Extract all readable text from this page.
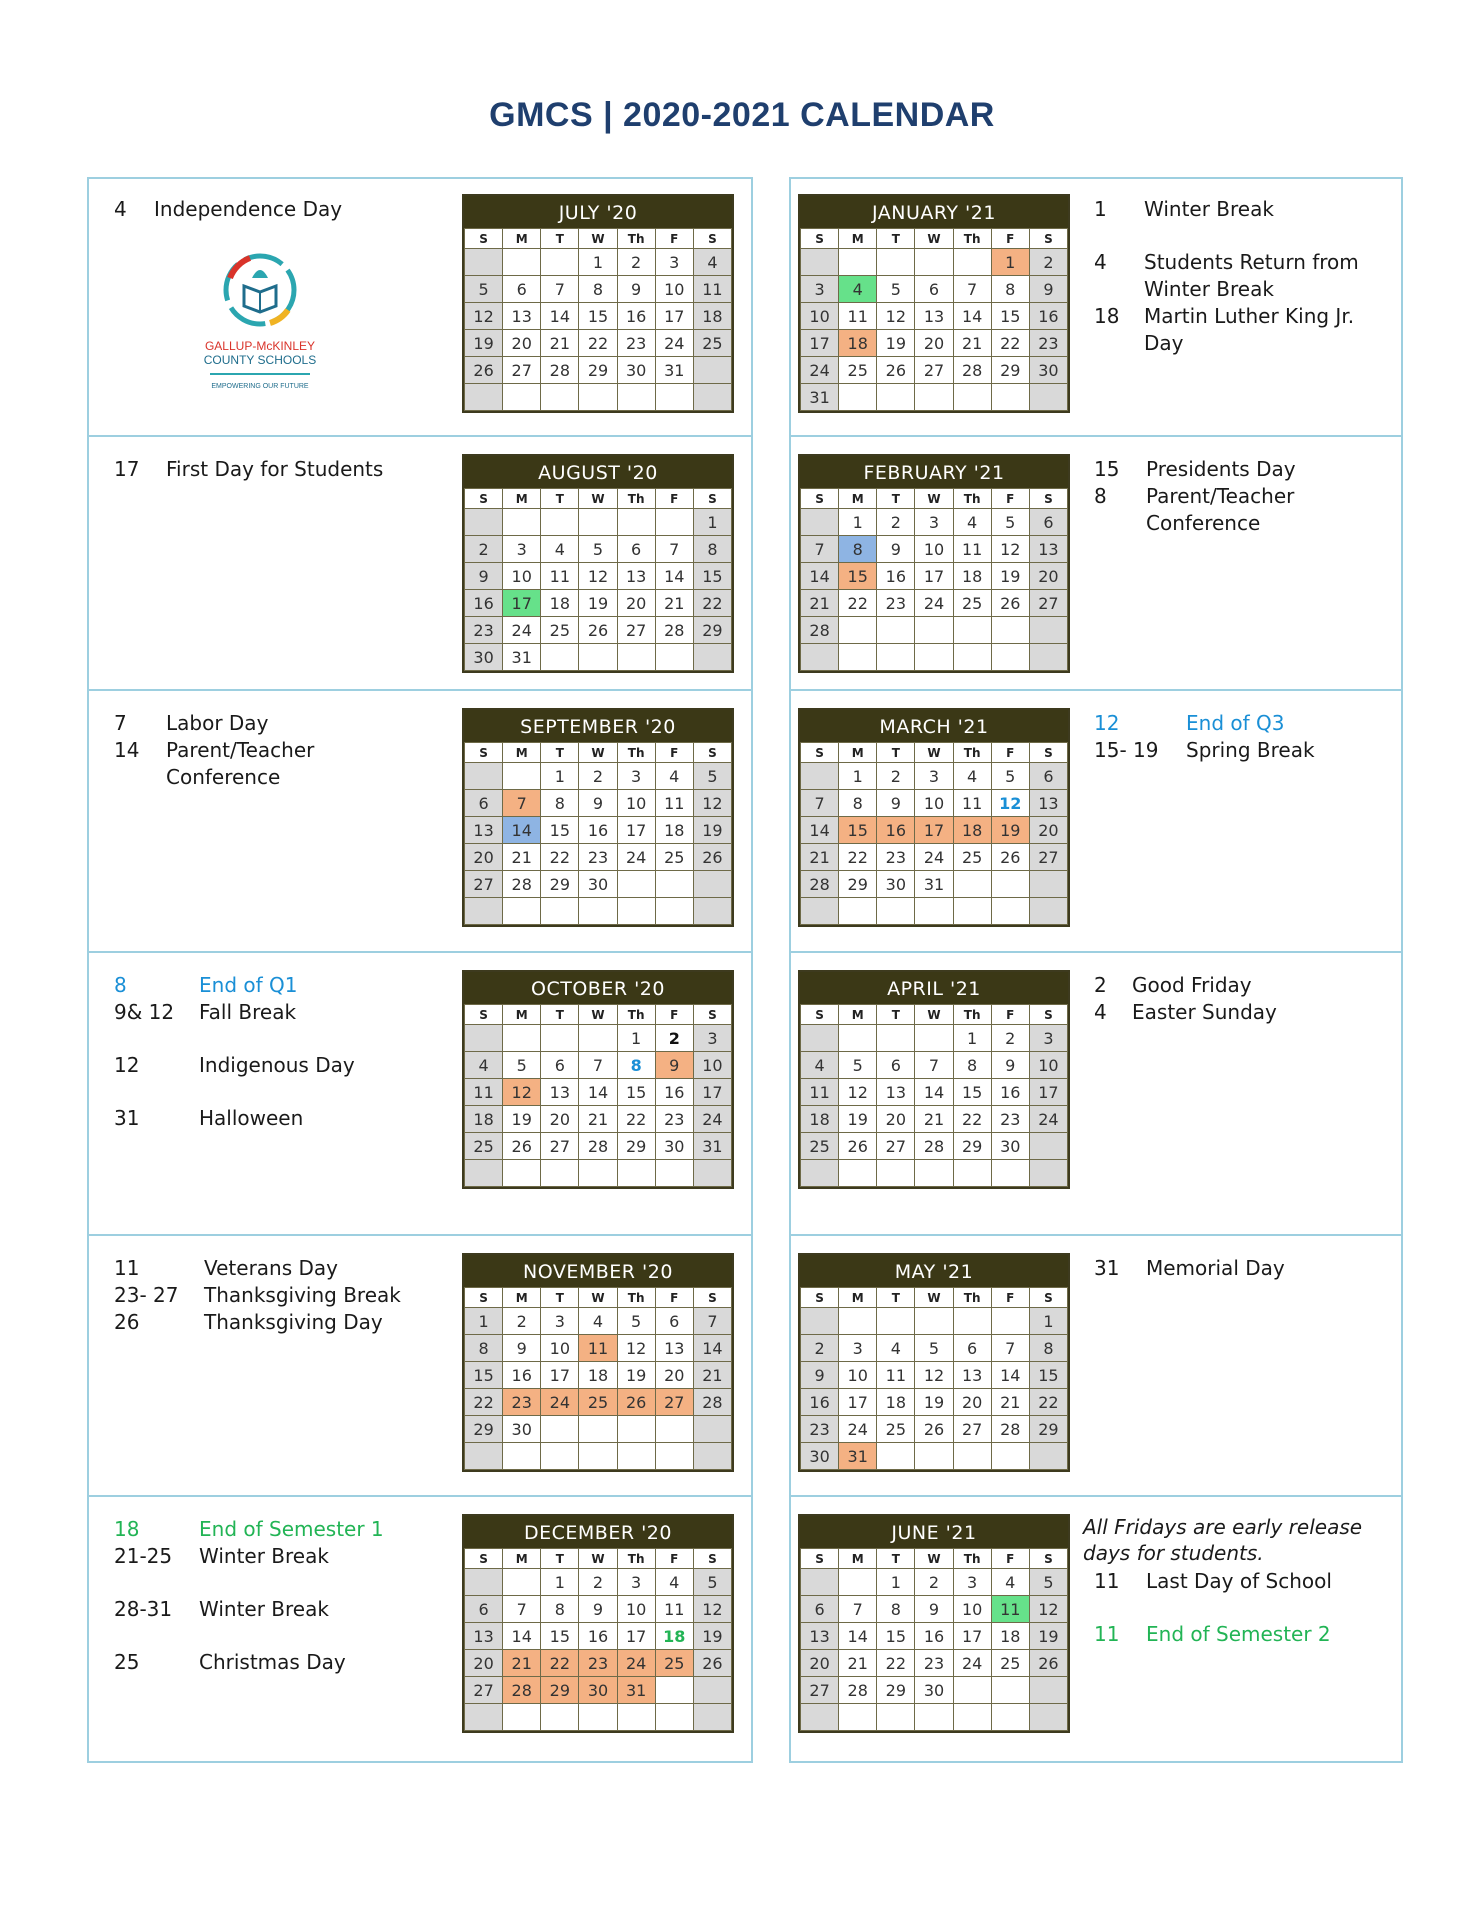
GMCS | 2020-2021 CALENDAR
GALLUP-McKINLEY
COUNTY SCHOOLS
EMPOWERING OUR FUTURE
JULY '20
S	M	T	W	Th	F	S
			1	2	3	4
5	6	7	8	9	10	11
12	13	14	15	16	17	18
19	20	21	22	23	24	25
26	27	28	29	30	31	

JANUARY '21
S	M	T	W	Th	F	S
					1	2
3	4	5	6	7	8	9
10	11	12	13	14	15	16
17	18	19	20	21	22	23
24	25	26	27	28	29	30
31						
4 Independence Day	1 Winter Break
4 Students Return from
Winter Break
18 Martin Luther King Jr.
Day
AUGUST '20
S	M	T	W	Th	F	S
						1
2	3	4	5	6	7	8
9	10	11	12	13	14	15
16	17	18	19	20	21	22
23	24	25	26	27	28	29
30	31					
FEBRUARY '21
S	M	T	W	Th	F	S
	1	2	3	4	5	6
7	8	9	10	11	12	13
14	15	16	17	18	19	20
21	22	23	24	25	26	27
28						

17 First Day for Students	15 Presidents Day
8 Parent/Teacher
Conference
SEPTEMBER '20
S	M	T	W	Th	F	S
		1	2	3	4	5
6	7	8	9	10	11	12
13	14	15	16	17	18	19
20	21	22	23	24	25	26
27	28	29	30			

MARCH '21
S	M	T	W	Th	F	S
	1	2	3	4	5	6
7	8	9	10	11	12	13
14	15	16	17	18	19	20
21	22	23	24	25	26	27
28	29	30	31			

7 Labor Day
14 Parent/Teacher
Conference
12	End of Q3
15- 19 Spring Break
OCTOBER '20
S	M	T	W	Th	F	S
				1	2	3
4	5	6	7	8	9	10
11	12	13	14	15	16	17
18	19	20	21	22	23	24
25	26	27	28	29	30	31

APRIL '21
S	M	T	W	Th	F	S
				1	2	3
4	5	6	7	8	9	10
11	12	13	14	15	16	17
18	19	20	21	22	23	24
25	26	27	28	29	30	

8	End of Q1
9& 12 Fall Break
12	Indigenous Day
31	Halloween
2 Good Friday
4 Easter Sunday
NOVEMBER '20
S	M	T	W	Th	F	S
1	2	3	4	5	6	7
8	9	10	11	12	13	14
15	16	17	18	19	20	21
22	23	24	25	26	27	28
29	30					

MAY '21
S	M	T	W	Th	F	S
						1
2	3	4	5	6	7	8
9	10	11	12	13	14	15
16	17	18	19	20	21	22
23	24	25	26	27	28	29
30	31					
11	Veterans Day
23- 27 Thanksgiving Break
26	Thanksgiving Day
31 Memorial Day
DECEMBER '20
S	M	T	W	Th	F	S
		1	2	3	4	5
6	7	8	9	10	11	12
13	14	15	16	17	18	19
20	21	22	23	24	25	26
27	28	29	30	31		

JUNE '21
S	M	T	W	Th	F	S
		1	2	3	4	5
6	7	8	9	10	11	12
13	14	15	16	17	18	19
20	21	22	23	24	25	26
27	28	29	30			

18	End of Semester 1
21-25 Winter Break
28-31 Winter Break
25	Christmas Day
All Fridays are early release
days for students.
11 Last Day of School
11 End of Semester 2
